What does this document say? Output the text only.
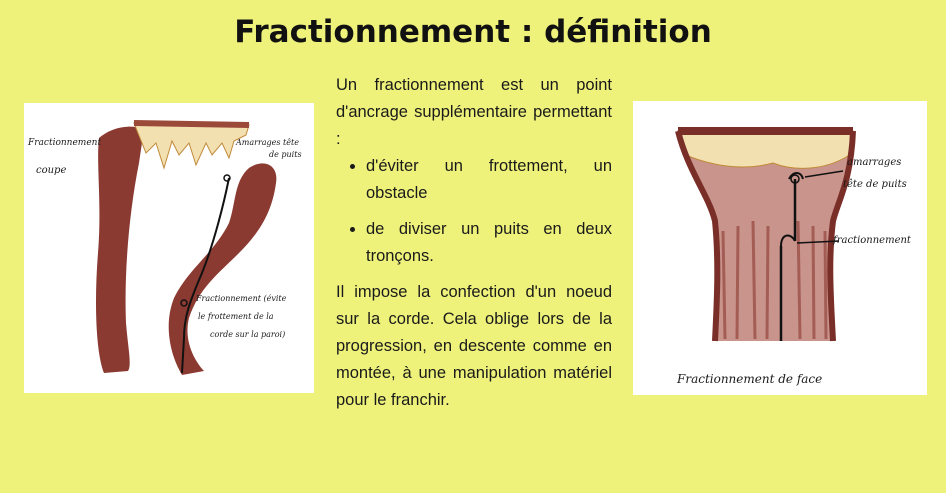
Fractionnement : définition
Fractionnement
coupe
Amarrages tête
de puits
Fractionnement (évite
le frottement de la
corde sur la paroi)

Un fractionnement est un point d'ancrage supplémentaire permettant :

• d'éviter un frottement, un obstacle
• de diviser un puits en deux tronçons.

Il impose la confection d'un noeud sur la corde. Cela oblige lors de la progression, en descente comme en montée, à une manipulation matériel pour le franchir.

amarrages
tête de puits
fractionnement
Fractionnement de face
